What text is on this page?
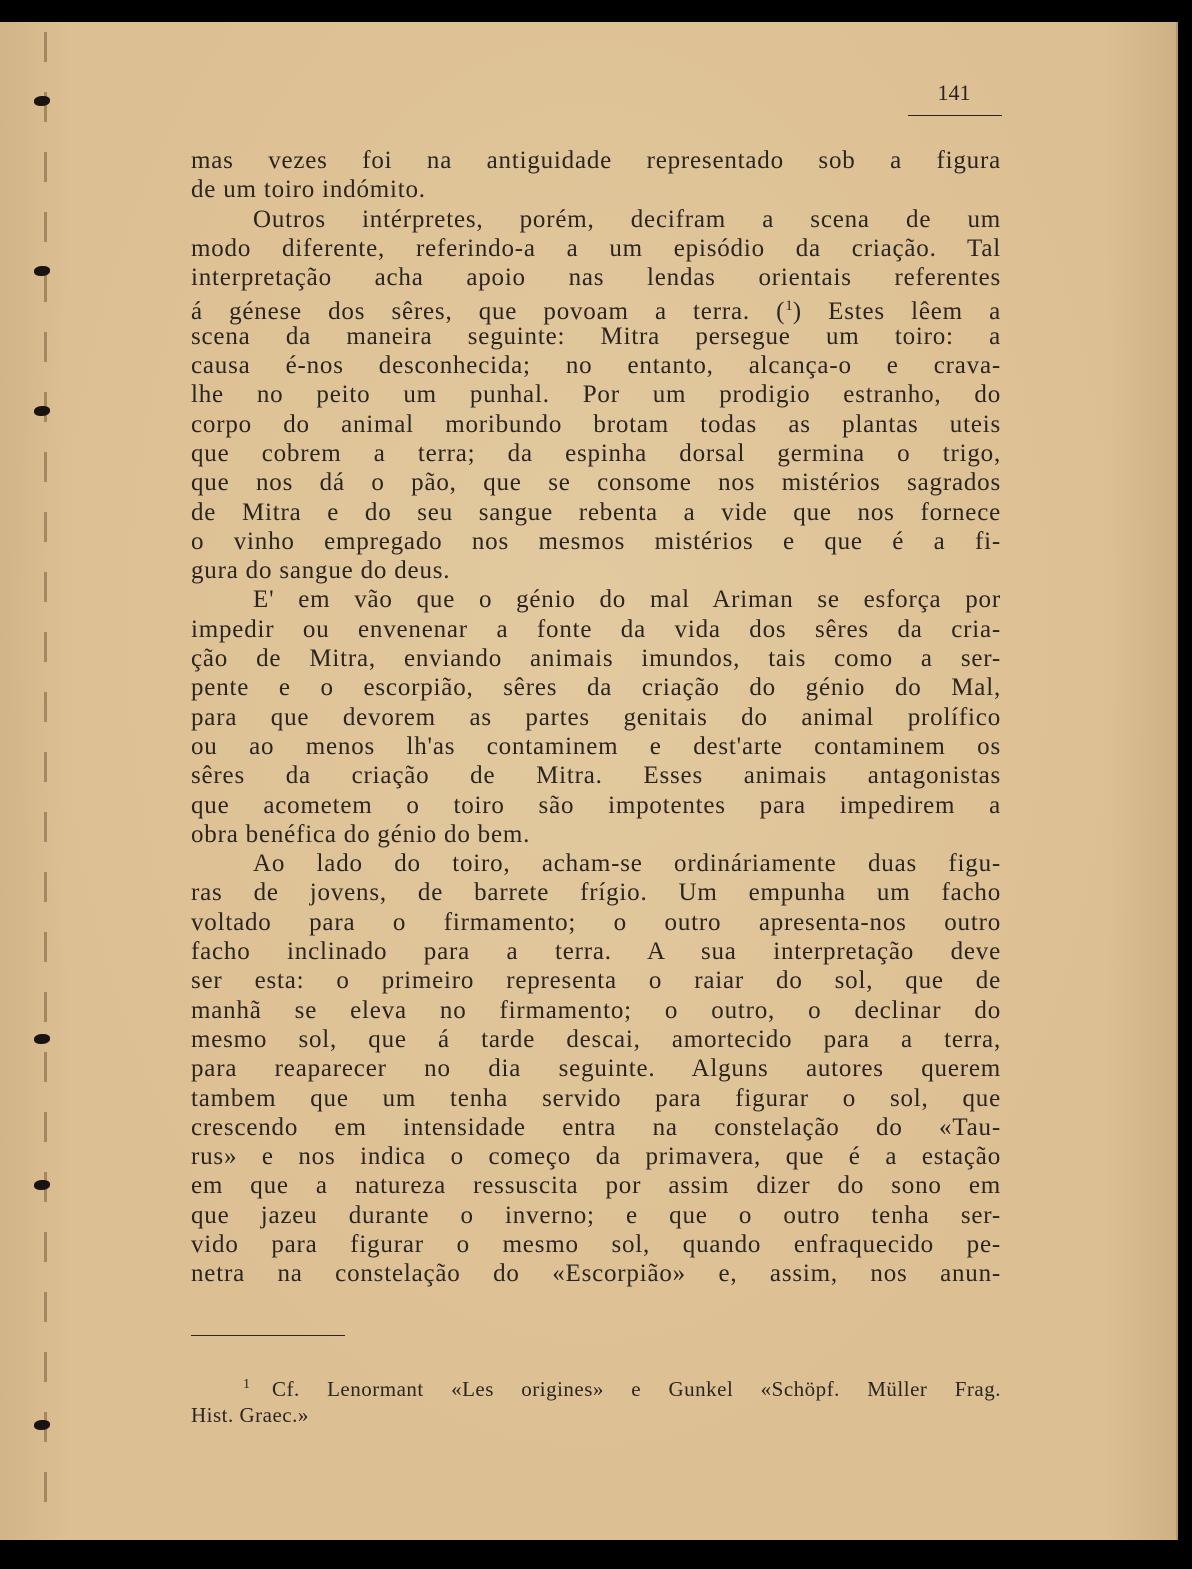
141
mas vezes foi na antiguidade representado sob a figura
de um toiro indómito.
Outros intérpretes, porém, decifram a scena de um
modo diferente, referindo-a a um episódio da criação. Tal
interpretação acha apoio nas lendas orientais referentes
á génese dos sêres, que povoam a terra. ($^1$) Estes lêem a
scena da maneira seguinte: Mitra persegue um toiro: a
causa é-nos desconhecida; no entanto, alcança-o e crava-
lhe no peito um punhal. Por um prodigio estranho, do
corpo do animal moribundo brotam todas as plantas uteis
que cobrem a terra; da espinha dorsal germina o trigo,
que nos dá o pão, que se consome nos mistérios sagrados
de Mitra e do seu sangue rebenta a vide que nos fornece
o vinho empregado nos mesmos mistérios e que é a fi-
gura do sangue do deus.
E' em vão que o génio do mal Ariman se esforça por
impedir ou envenenar a fonte da vida dos sêres da cria-
ção de Mitra, enviando animais imundos, tais como a ser-
pente e o escorpião, sêres da criação do génio do Mal,
para que devorem as partes genitais do animal prolífico
ou ao menos lh'as contaminem e dest'arte contaminem os
sêres da criação de Mitra. Esses animais antagonistas
que acometem o toiro são impotentes para impedirem a
obra benéfica do génio do bem.
Ao lado do toiro, acham-se ordináriamente duas figu-
ras de jovens, de barrete frígio. Um empunha um facho
voltado para o firmamento; o outro apresenta-nos outro
facho inclinado para a terra. A sua interpretação deve
ser esta: o primeiro representa o raiar do sol, que de
manhã se eleva no firmamento; o outro, o declinar do
mesmo sol, que á tarde descai, amortecido para a terra,
para reaparecer no dia seguinte. Alguns autores querem
tambem que um tenha servido para figurar o sol, que
crescendo em intensidade entra na constelação do «Tau-
rus» e nos indica o começo da primavera, que é a estação
em que a natureza ressuscita por assim dizer do sono em
que jazeu durante o inverno; e que o outro tenha ser-
vido para figurar o mesmo sol, quando enfraquecido pe-
netra na constelação do «Escorpião» e, assim, nos anun-
$^1$ Cf. Lenormant «Les origines» e Gunkel «Schöpf. Müller Frag.
Hist. Graec.»
